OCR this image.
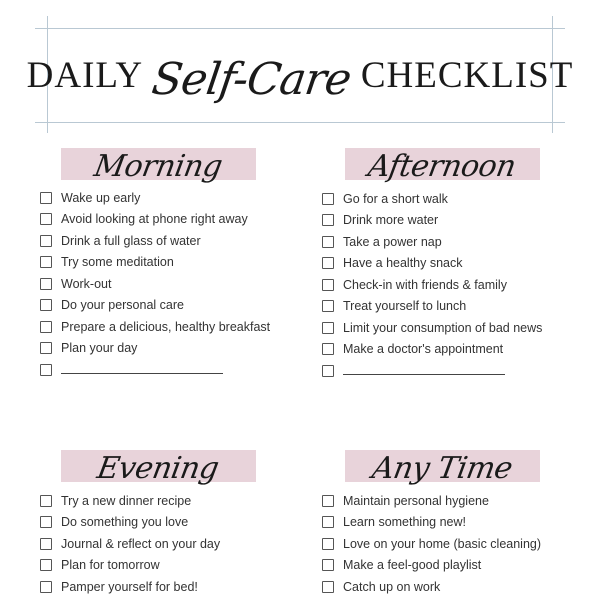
DAILY Self-Care CHECKLIST
Morning
Wake up early
Avoid looking at phone right away
Drink a full glass of water
Try some meditation
Work-out
Do your personal care
Prepare a delicious, healthy breakfast
Plan your day
Afternoon
Go for a short walk
Drink more water
Take a power nap
Have a healthy snack
Check-in with friends & family
Treat yourself to lunch
Limit your consumption of bad news
Make a doctor's appointment
Evening
Try a new dinner recipe
Do something you love
Journal & reflect on your day
Plan for tomorrow
Pamper yourself for bed!
Any Time
Maintain personal hygiene
Learn something new!
Love on your home (basic cleaning)
Make a feel-good playlist
Catch up on work
